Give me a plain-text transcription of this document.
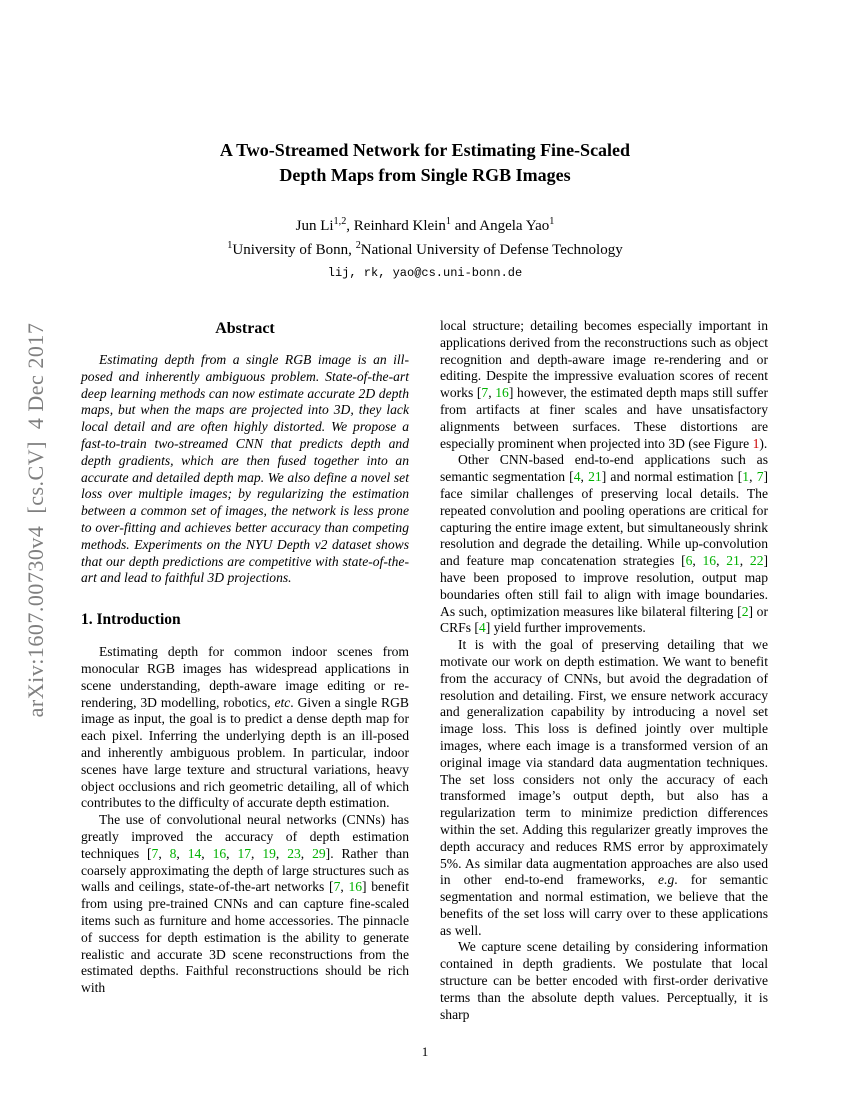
arXiv:1607.00730v4  [cs.CV]  4 Dec 2017
A Two-Streamed Network for Estimating Fine-Scaled
Depth Maps from Single RGB Images
Jun Li$^{1,2}$, Reinhard Klein$^1$ and Angela Yao$^1$
$^1$University of Bonn, $^2$National University of Defense Technology
lij, rk, yao@cs.uni-bonn.de
Abstract

Estimating depth from a single RGB image is an ill-posed and inherently ambiguous problem. State-of-the-art deep learning methods can now estimate accurate 2D depth maps, but when the maps are projected into 3D, they lack local detail and are often highly distorted. We propose a fast-to-train two-streamed CNN that predicts depth and depth gradients, which are then fused together into an accurate and detailed depth map. We also define a novel set loss over multiple images; by regularizing the estimation between a common set of images, the network is less prone to over-fitting and achieves better accuracy than competing methods. Experiments on the NYU Depth v2 dataset shows that our depth predictions are competitive with state-of-the-art and lead to faithful 3D projections.

1. Introduction

Estimating depth for common indoor scenes from monocular RGB images has widespread applications in scene understanding, depth-aware image editing or re-rendering, 3D modelling, robotics, etc. Given a single RGB image as input, the goal is to predict a dense depth map for each pixel. Inferring the underlying depth is an ill-posed and inherently ambiguous problem. In particular, indoor scenes have large texture and structural variations, heavy object occlusions and rich geometric detailing, all of which contributes to the difficulty of accurate depth estimation.

The use of convolutional neural networks (CNNs) has greatly improved the accuracy of depth estimation techniques [7, 8, 14, 16, 17, 19, 23, 29]. Rather than coarsely approximating the depth of large structures such as walls and ceilings, state-of-the-art networks [7, 16] benefit from using pre-trained CNNs and can capture fine-scaled items such as furniture and home accessories. The pinnacle of success for depth estimation is the ability to generate realistic and accurate 3D scene reconstructions from the estimated depths. Faithful reconstructions should be rich with

local structure; detailing becomes especially important in applications derived from the reconstructions such as object recognition and depth-aware image re-rendering and or editing. Despite the impressive evaluation scores of recent works [7, 16] however, the estimated depth maps still suffer from artifacts at finer scales and have unsatisfactory alignments between surfaces. These distortions are especially prominent when projected into 3D (see Figure 1).

Other CNN-based end-to-end applications such as semantic segmentation [4, 21] and normal estimation [1, 7] face similar challenges of preserving local details. The repeated convolution and pooling operations are critical for capturing the entire image extent, but simultaneously shrink resolution and degrade the detailing. While up-convolution and feature map concatenation strategies [6, 16, 21, 22] have been proposed to improve resolution, output map boundaries often still fail to align with image boundaries. As such, optimization measures like bilateral filtering [2] or CRFs [4] yield further improvements.

It is with the goal of preserving detailing that we motivate our work on depth estimation. We want to benefit from the accuracy of CNNs, but avoid the degradation of resolution and detailing. First, we ensure network accuracy and generalization capability by introducing a novel set image loss. This loss is defined jointly over multiple images, where each image is a transformed version of an original image via standard data augmentation techniques. The set loss considers not only the accuracy of each transformed image’s output depth, but also has a regularization term to minimize prediction differences within the set. Adding this regularizer greatly improves the depth accuracy and reduces RMS error by approximately 5%. As similar data augmentation approaches are also used in other end-to-end frameworks, e.g. for semantic segmentation and normal estimation, we believe that the benefits of the set loss will carry over to these applications as well.

We capture scene detailing by considering information contained in depth gradients. We postulate that local structure can be better encoded with first-order derivative terms than the absolute depth values. Perceptually, it is sharp

1
